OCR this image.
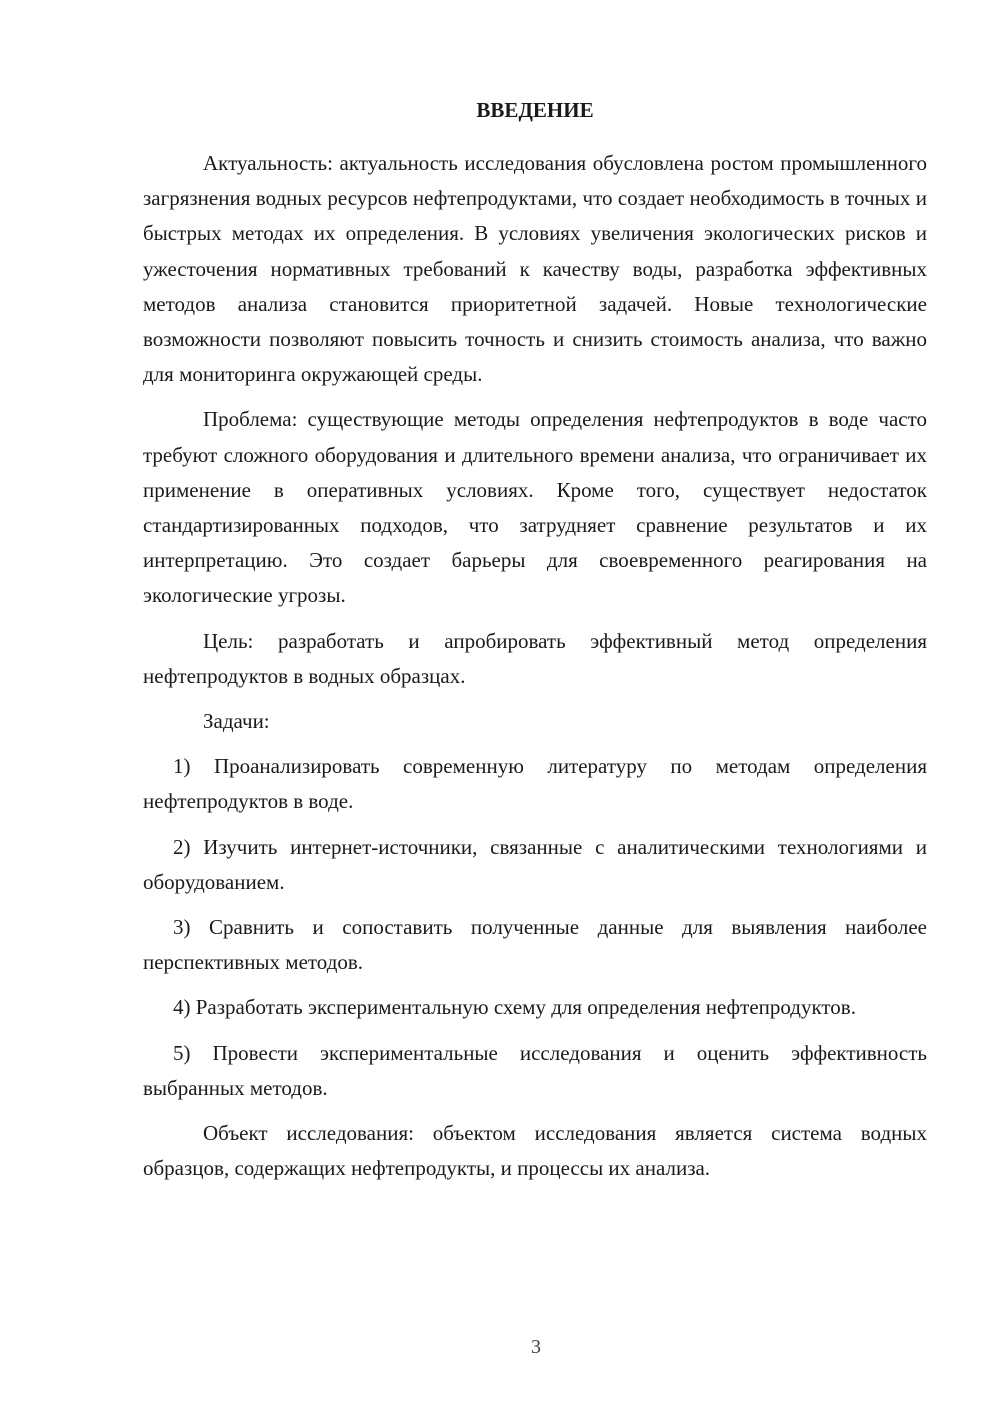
ВВЕДЕНИЕ

Актуальность: актуальность исследования обусловлена ростом промышленного загрязнения водных ресурсов нефтепродуктами, что создает необходимость в точных и быстрых методах их определения. В условиях увеличения экологических рисков и ужесточения нормативных требований к качеству воды, разработка эффективных методов анализа становится приоритетной задачей. Новые технологические возможности позволяют повысить точность и снизить стоимость анализа, что важно для мониторинга окружающей среды.

Проблема: существующие методы определения нефтепродуктов в воде часто требуют сложного оборудования и длительного времени анализа, что ограничивает их применение в оперативных условиях. Кроме того, существует недостаток стандартизированных подходов, что затрудняет сравнение результатов и их интерпретацию. Это создает барьеры для своевременного реагирования на экологические угрозы.

Цель: разработать и апробировать эффективный метод определения нефтепродуктов в водных образцах.

Задачи:

1) Проанализировать современную литературу по методам определения нефтепродуктов в воде.

2) Изучить интернет-источники, связанные с аналитическими технологиями и оборудованием.

3) Сравнить и сопоставить полученные данные для выявления наиболее перспективных методов.

4) Разработать экспериментальную схему для определения нефтепродуктов.

5) Провести экспериментальные исследования и оценить эффективность выбранных методов.

Объект исследования: объектом исследования является система водных образцов, содержащих нефтепродукты, и процессы их анализа.

3
